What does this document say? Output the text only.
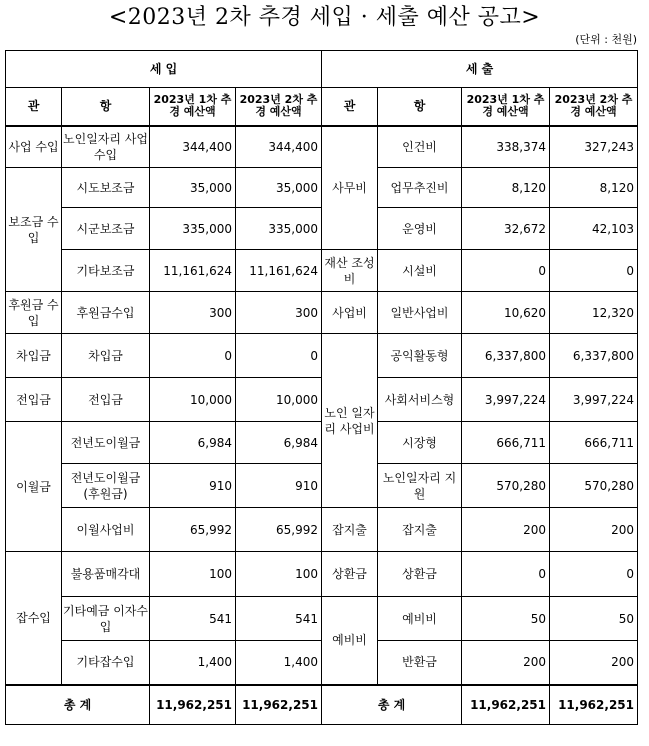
<2023년 2차 추경 세입 · 세출 예산 공고>
(단위 : 천원)
세 입				세 출			
관	항	2023년 1차 추경 예산액	2023년 2차 추경 예산액	관	항	2023년 1차 추경 예산액	2023년 2차 추경 예산액
사업 수입	노인일자리 사업수입	344,400	344,400	사무비	인건비	338,374	327,243
보조금 수입	시도보조금	35,000	35,000		업무추진비	8,120	8,120
	시군보조금	335,000	335,000		운영비	32,672	42,103
	기타보조금	11,161,624	11,161,624	재산 조성비	시설비	0	0
후원금 수입	후원금수입	300	300	사업비	일반사업비	10,620	12,320
차입금	차입금	0	0	노인 일자리 사업비	공익활동형	6,337,800	6,337,800
전입금	전입금	10,000	10,000		사회서비스형	3,997,224	3,997,224
이월금	전년도이월금	6,984	6,984		시장형	666,711	666,711
	전년도이월금 (후원금)	910	910		노인일자리 지원	570,280	570,280
	이월사업비	65,992	65,992	잡지출	잡지출	200	200
잡수입	불용품매각대	100	100	상환금	상환금	0	0
	기타예금 이자수입	541	541	예비비	예비비	50	50
	기타잡수입	1,400	1,400		반환금	200	200
총 계		11,962,251	11,962,251	총 계		11,962,251	11,962,251
